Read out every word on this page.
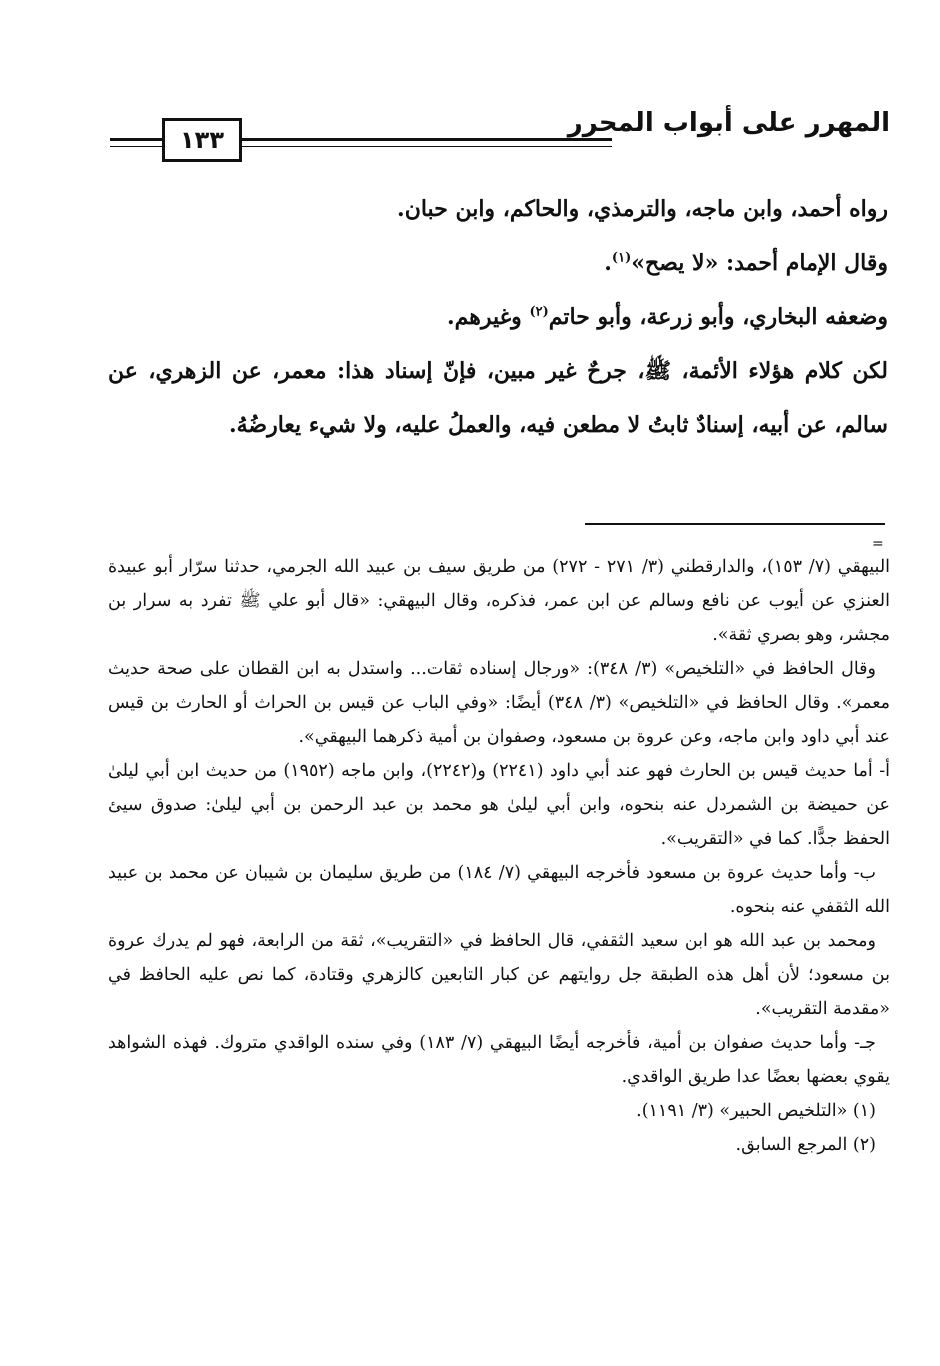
١٣٣
المهرر على أبواب المحرر

رواه أحمد، وابن ماجه، والترمذي، والحاكم، وابن حبان.

وقال الإمام أحمد: «لا يصح»$^{(١)}$.

وضعفه البخاري، وأبو زرعة، وأبو حاتم$^{(٢)}$ وغيرهم.

لكن كلام هؤلاء الأئمة، ﷺ، جرحٌ غير مبين، فإنّ إسناد هذا: معمر، عن الزهري، عن سالم، عن أبيه، إسنادٌ ثابتُ لا مطعن فيه، والعملُ عليه، ولا شيء يعارضُهُ.

=

البيهقي (٧/ ١٥٣)، والدارقطني (٣/ ٢٧١ - ٢٧٢) من طريق سيف بن عبيد الله الجرمي، حدثنا سرّار أبو عبيدة العنزي عن أيوب عن نافع وسالم عن ابن عمر، فذكره، وقال البيهقي: «قال أبو علي ﷺ تفرد به سرار بن مجشر، وهو بصري ثقة».

وقال الحافظ في «التلخيص» (٣/ ٣٤٨): «ورجال إسناده ثقات... واستدل به ابن القطان على صحة حديث معمر». وقال الحافظ في «التلخيص» (٣/ ٣٤٨) أيضًا: «وفي الباب عن قيس بن الحراث أو الحارث بن قيس عند أبي داود وابن ماجه، وعن عروة بن مسعود، وصفوان بن أمية ذكرهما البيهقي».

أ- أما حديث قيس بن الحارث فهو عند أبي داود (٢٢٤١) و(٢٢٤٢)، وابن ماجه (١٩٥٢) من حديث ابن أبي ليلىٰ عن حميضة بن الشمردل عنه بنحوه، وابن أبي ليلىٰ هو محمد بن عبد الرحمن بن أبي ليلىٰ: صدوق سيئ الحفظ جدًّا. كما في «التقريب».

ب- وأما حديث عروة بن مسعود فأخرجه البيهقي (٧/ ١٨٤) من طريق سليمان بن شيبان عن محمد بن عبيد الله الثقفي عنه بنحوه.

ومحمد بن عبد الله هو ابن سعيد الثقفي، قال الحافظ في «التقريب»، ثقة من الرابعة، فهو لم يدرك عروة بن مسعود؛ لأن أهل هذه الطبقة جل روايتهم عن كبار التابعين كالزهري وقتادة، كما نص عليه الحافظ في «مقدمة التقريب».

جـ- وأما حديث صفوان بن أمية، فأخرجه أيضًا البيهقي (٧/ ١٨٣) وفي سنده الواقدي متروك. فهذه الشواهد يقوي بعضها بعضًا عدا طريق الواقدي.

(١) «التلخيص الحبير» (٣/ ١١٩١).

(٢) المرجع السابق.
